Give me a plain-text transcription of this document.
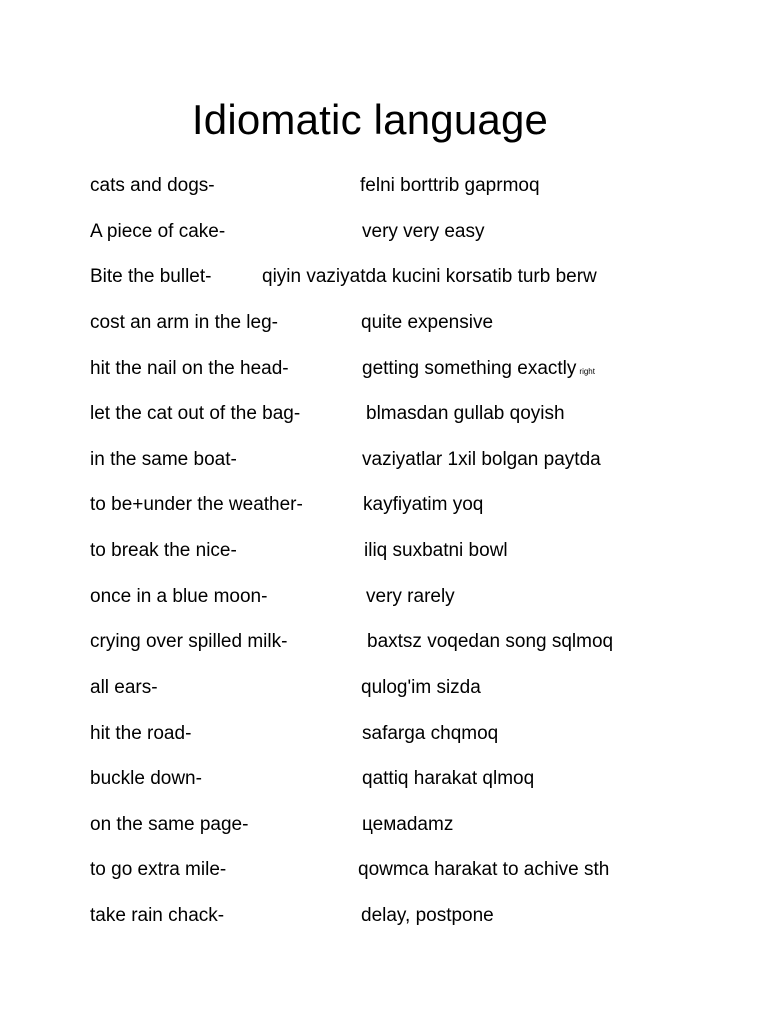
Idiomatic language
cats and dogs-	felni borttrib gaprmoq
A piece of cake-	very very easy
Bite the bullet-	qiyin vaziyatda kucini korsatib turb berw
cost an arm in the leg-	quite expensive
hit the nail on the head-	getting something exactly right
let the cat out of the bag-	blmasdan gullab qoyish
in the same boat-	vaziyatlar 1xil bolgan paytda
to be+under the weather-	kayfiyatim yoq
to break the nice-	iliq suxbatni bowl
once in a blue moon-	very rarely
crying over spilled milk-	baxtsz voqedan song sqlmoq
all ears-	qulog'im sizda
hit the road-	safarga chqmoq
buckle down-	qattiq harakat qlmoq
on the same page-	цемadamz
to go extra mile-	qowmca harakat to achive sth
take rain chack-	delay, postpone
